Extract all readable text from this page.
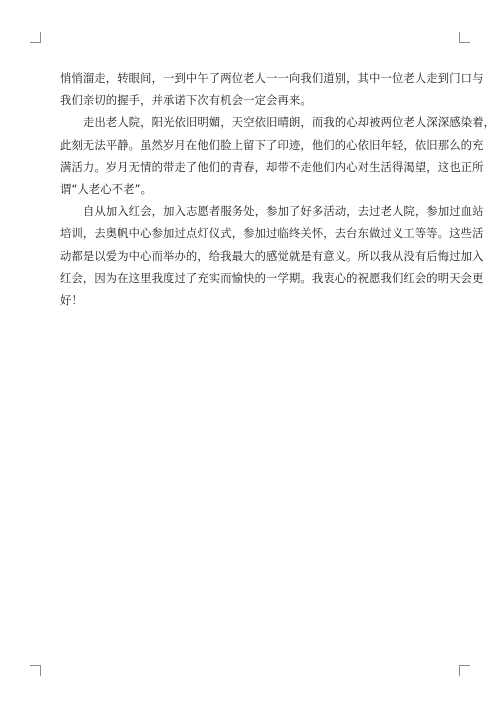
悄悄溜走，转眼间，一到中午了两位老人一一向我们道别，其中一位老人走到门口与

我们亲切的握手，并承诺下次有机会一定会再来。

走出老人院，阳光依旧明媚，天空依旧晴朗，而我的心却被两位老人深深感染着，

此刻无法平静。虽然岁月在他们脸上留下了印迹，他们的心依旧年轻，依旧那么的充

满活力。岁月无情的带走了他们的青春，却带不走他们内心对生活得渴望，这也正所

谓“人老心不老”。

自从加入红会，加入志愿者服务处，参加了好多活动，去过老人院，参加过血站

培训，去奥帆中心参加过点灯仪式，参加过临终关怀，去台东做过义工等等。这些活

动都是以爱为中心而举办的，给我最大的感觉就是有意义。所以我从没有后悔过加入

红会，因为在这里我度过了充实而愉快的一学期。我衷心的祝愿我们红会的明天会更

好！
